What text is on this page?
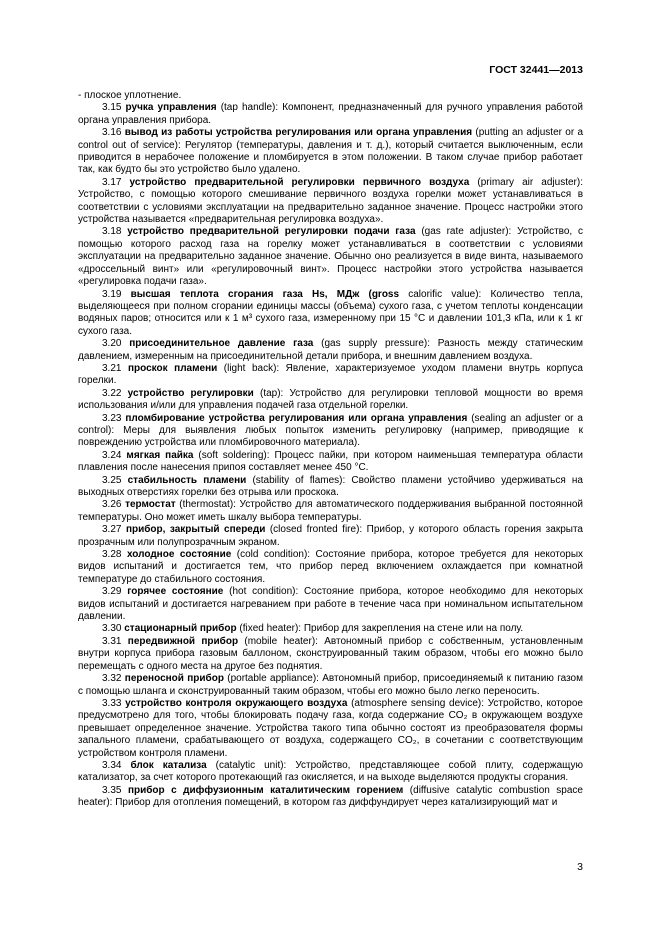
ГОСТ 32441—2013

- плоское уплотнение.

3.15 ручка управления (tap handle): Компонент, предназначенный для ручного управления работой органа управления прибора.

3.16 вывод из работы устройства регулирования или органа управления (putting an adjuster or a control out of service): Регулятор (температуры, давления и т. д.), который считается выключенным, если приводится в нерабочее положение и пломбируется в этом положении. В таком случае прибор работает так, как будто бы это устройство было удалено.

3.17 устройство предварительной регулировки первичного воздуха (primary air adjuster): Устройство, с помощью которого смешивание первичного воздуха горелки может устанавливаться в соответствии с условиями эксплуатации на предварительно заданное значение. Процесс настройки этого устройства называется «предварительная регулировка воздуха».

3.18 устройство предварительной регулировки подачи газа (gas rate adjuster): Устройство, с помощью которого расход газа на горелку может устанавливаться в соответствии с условиями эксплуатации на предварительно заданное значение. Обычно оно реализуется в виде винта, называемого «дроссельный винт» или «регулировочный винт». Процесс настройки этого устройства называется «регулировка подачи газа».

3.19 высшая теплота сгорания газа Hs, МДж (gross calorific value): Количество тепла, выделяющееся при полном сгорании единицы массы (объема) сухого газа, с учетом теплоты конденсации водяных паров; относится или к 1 м³ сухого газа, измеренному при 15 °С и давлении 101,3 кПа, или к 1 кг сухого газа.

3.20 присоединительное давление газа (gas supply pressure): Разность между статическим давлением, измеренным на присоединительной детали прибора, и внешним давлением воздуха.

3.21 проскок пламени (light back): Явление, характеризуемое уходом пламени внутрь корпуса горелки.

3.22 устройство регулировки (tap): Устройство для регулировки тепловой мощности во время использования и/или для управления подачей газа отдельной горелки.

3.23 пломбирование устройства регулирования или органа управления (sealing an adjuster or a control): Меры для выявления любых попыток изменить регулировку (например, приводящие к повреждению устройства или пломбировочного материала).

3.24 мягкая пайка (soft soldering): Процесс пайки, при котором наименьшая температура области плавления после нанесения припоя составляет менее 450 °С.

3.25 стабильность пламени (stability of flames): Свойство пламени устойчиво удерживаться на выходных отверстиях горелки без отрыва или проскока.

3.26 термостат (thermostat): Устройство для автоматического поддерживания выбранной постоянной температуры. Оно может иметь шкалу выбора температуры.

3.27 прибор, закрытый спереди (closed fronted fire): Прибор, у которого область горения закрыта прозрачным или полупрозрачным экраном.

3.28 холодное состояние (cold condition): Состояние прибора, которое требуется для некоторых видов испытаний и достигается тем, что прибор перед включением охлаждается при комнатной температуре до стабильного состояния.

3.29 горячее состояние (hot condition): Состояние прибора, которое необходимо для некоторых видов испытаний и достигается нагреванием при работе в течение часа при номинальном испытательном давлении.

3.30 стационарный прибор (fixed heater): Прибор для закрепления на стене или на полу.

3.31 передвижной прибор (mobile heater): Автономный прибор с собственным, установленным внутри корпуса прибора газовым баллоном, сконструированный таким образом, чтобы его можно было перемещать с одного места на другое без поднятия.

3.32 переносной прибор (portable appliance): Автономный прибор, присоединяемый к питанию газом с помощью шланга и сконструированный таким образом, чтобы его можно было легко переносить.

3.33 устройство контроля окружающего воздуха (atmosphere sensing device): Устройство, которое предусмотрено для того, чтобы блокировать подачу газа, когда содержание CO₂ в окружающем воздухе превышает определенное значение. Устройства такого типа обычно состоят из преобразователя формы запального пламени, срабатывающего от воздуха, содержащего CO₂, в сочетании с соответствующим устройством контроля пламени.

3.34 блок катализа (catalytic unit): Устройство, представляющее собой плиту, содержащую катализатор, за счет которого протекающий газ окисляется, и на выходе выделяются продукты сгорания.

3.35 прибор с диффузионным каталитическим горением (diffusive catalytic combustion space heater): Прибор для отопления помещений, в котором газ диффундирует через катализирующий мат и

3
